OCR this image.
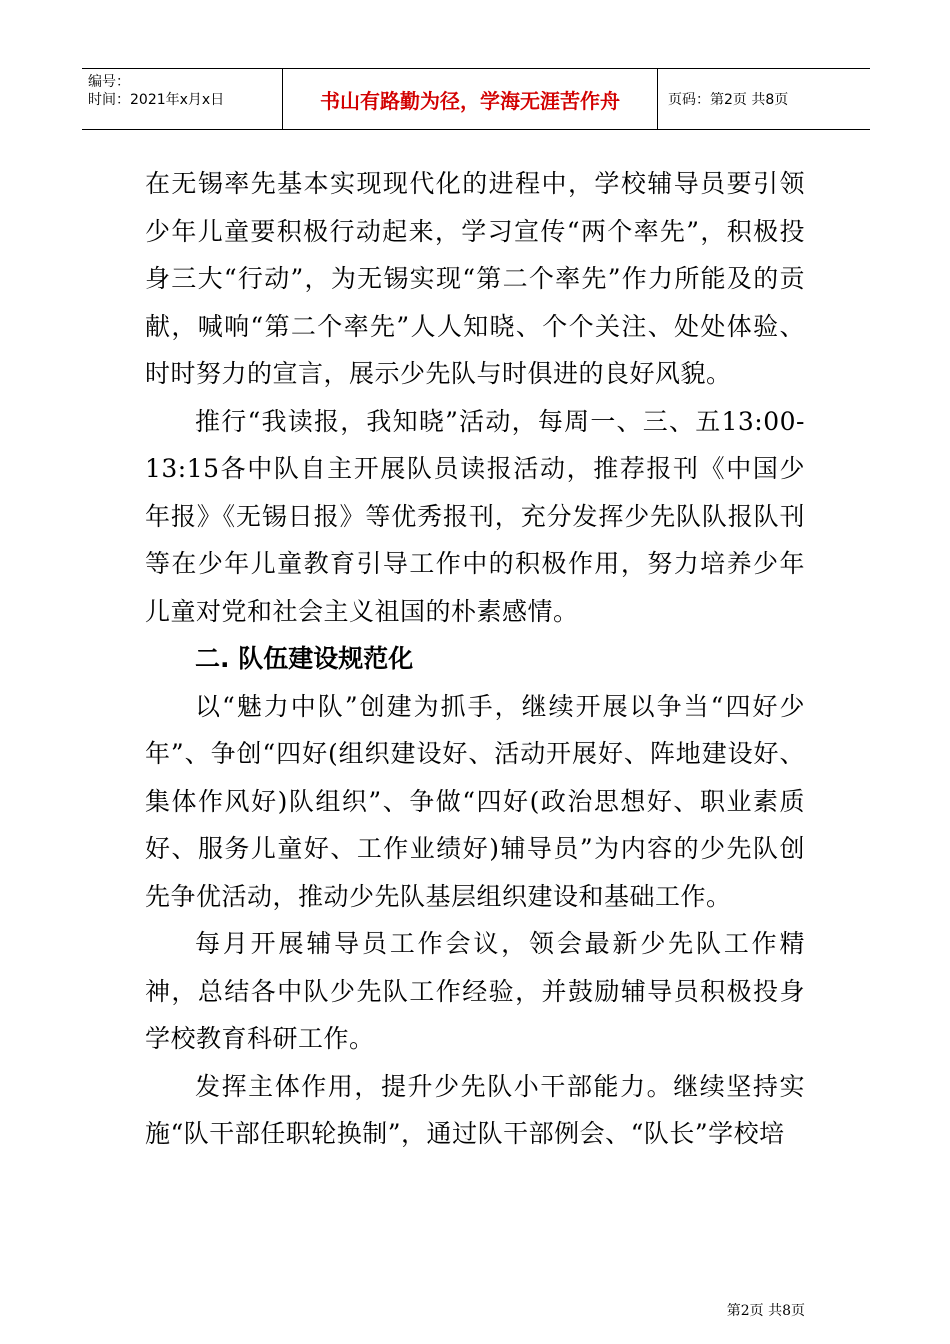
编号：
时间：2021年x月x日	书山有路勤为径，学海无涯苦作舟	页码：第2页 共8页

在无锡率先基本实现现代化的进程中，学校辅导员要引领少年儿童要积极行动起来，学习宣传“两个率先”，积极投身三大“行动”，为无锡实现“第二个率先”作力所能及的贡献，喊响“第二个率先”人人知晓、个个关注、处处体验、时时努力的宣言，展示少先队与时俱进的良好风貌。

推行“我读报，我知晓”活动，每周一、三、五13:00-13:15各中队自主开展队员读报活动，推荐报刊《中国少年报》《无锡日报》等优秀报刊，充分发挥少先队队报队刊等在少年儿童教育引导工作中的积极作用，努力培养少年儿童对党和社会主义祖国的朴素感情。

二. 队伍建设规范化

以“魅力中队”创建为抓手，继续开展以争当“四好少年”、争创“四好(组织建设好、活动开展好、阵地建设好、集体作风好)队组织”、争做“四好(政治思想好、职业素质好、服务儿童好、工作业绩好)辅导员”为内容的少先队创先争优活动，推动少先队基层组织建设和基础工作。

每月开展辅导员工作会议，领会最新少先队工作精神，总结各中队少先队工作经验，并鼓励辅导员积极投身学校教育科研工作。

发挥主体作用，提升少先队小干部能力。继续坚持实施“队干部任职轮换制”，通过队干部例会、“队长”学校培

第2页 共8页
